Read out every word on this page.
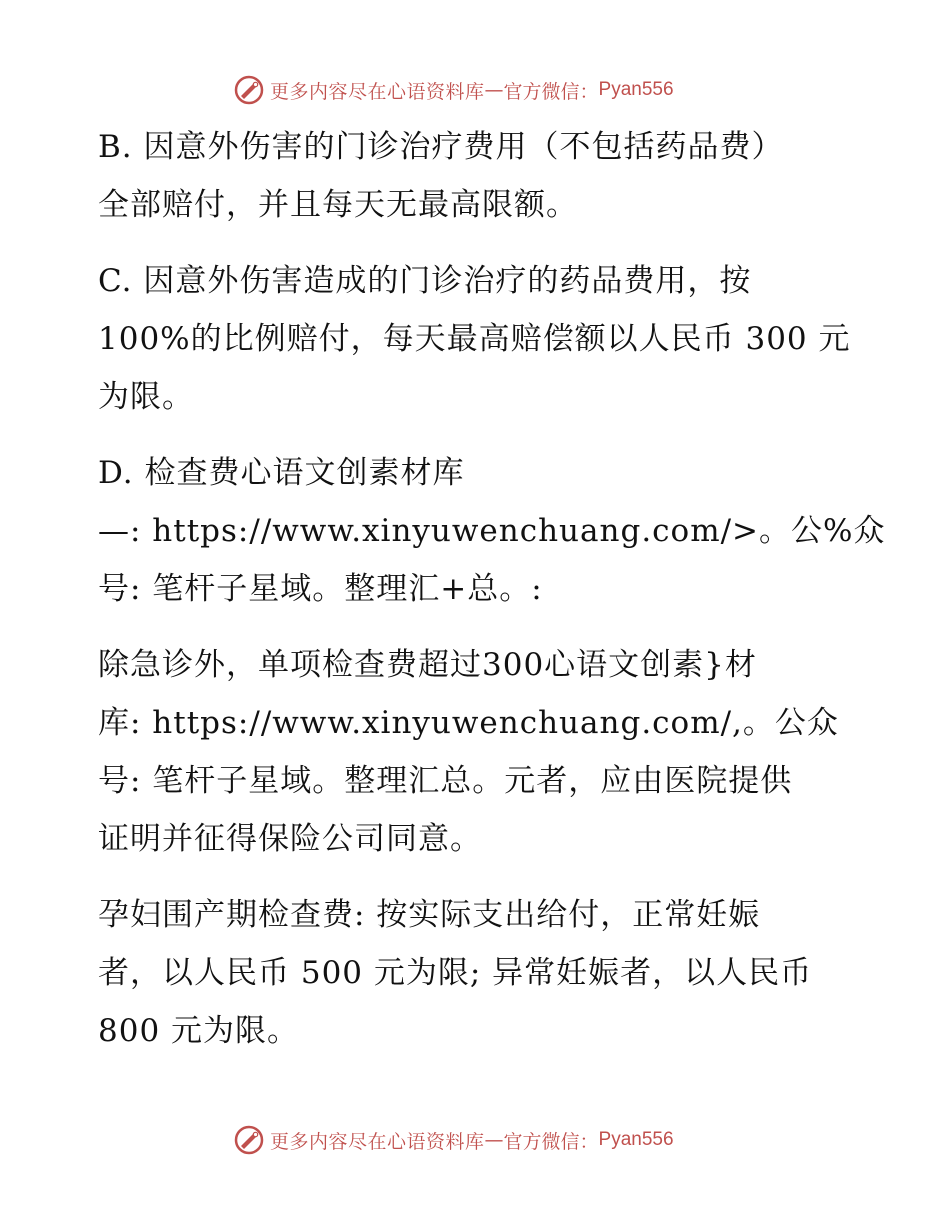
更多内容尽在心语资料库 — 官方微信： Pyan556

B. 因意外伤害的门诊治疗费用（不包括药品费）
全部赔付，并且每天无最高限额。

C. 因意外伤害造成的门诊治疗的药品费用，按
100%的比例赔付，每天最高赔偿额以人民币 300 元
为限。

D. 检查费心语文创素材库
—: https://www.xinyuwenchuang.com/>。公%众
号: 笔杆子星域。整理汇+总。:

除急诊外，单项检查费超过300心语文创素}材
库: https://www.xinyuwenchuang.com/,。公众
号: 笔杆子星域。整理汇总。元者，应由医院提供
证明并征得保险公司同意。

孕妇围产期检查费: 按实际支出给付，正常妊娠
者，以人民币 500 元为限; 异常妊娠者，以人民币
800 元为限。

更多内容尽在心语资料库 — 官方微信： Pyan556
